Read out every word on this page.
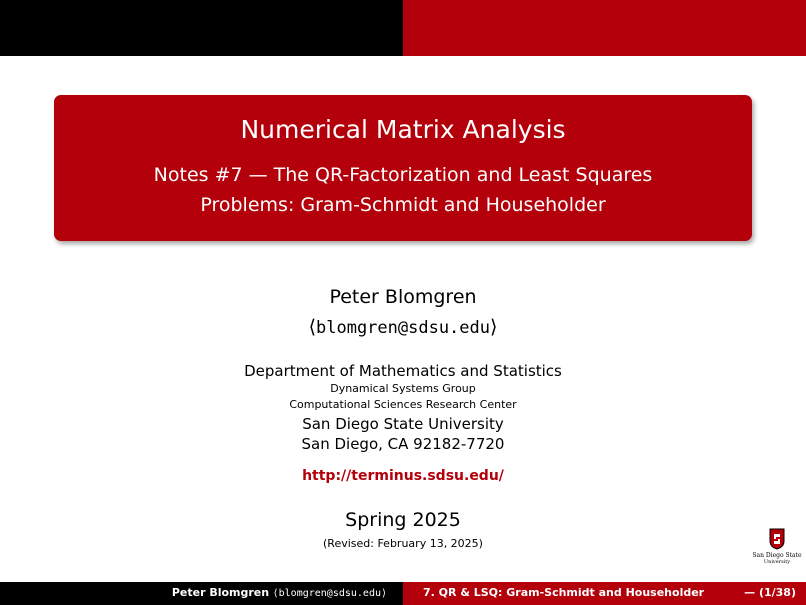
Numerical Matrix Analysis
Notes #7 — The QR-Factorization and Least Squares
Problems: Gram-Schmidt and Householder
Peter Blomgren
⟨blomgren@sdsu.edu⟩
Department of Mathematics and Statistics
Dynamical Systems Group
Computational Sciences Research Center
San Diego State University
San Diego, CA 92182-7720
http://terminus.sdsu.edu/
Spring 2025
(Revised: February 13, 2025)
San Diego State
University
Peter Blomgren ⟨blomgren@sdsu.edu⟩	7. QR & LSQ: Gram-Schmidt and Householder	— (1/38)
